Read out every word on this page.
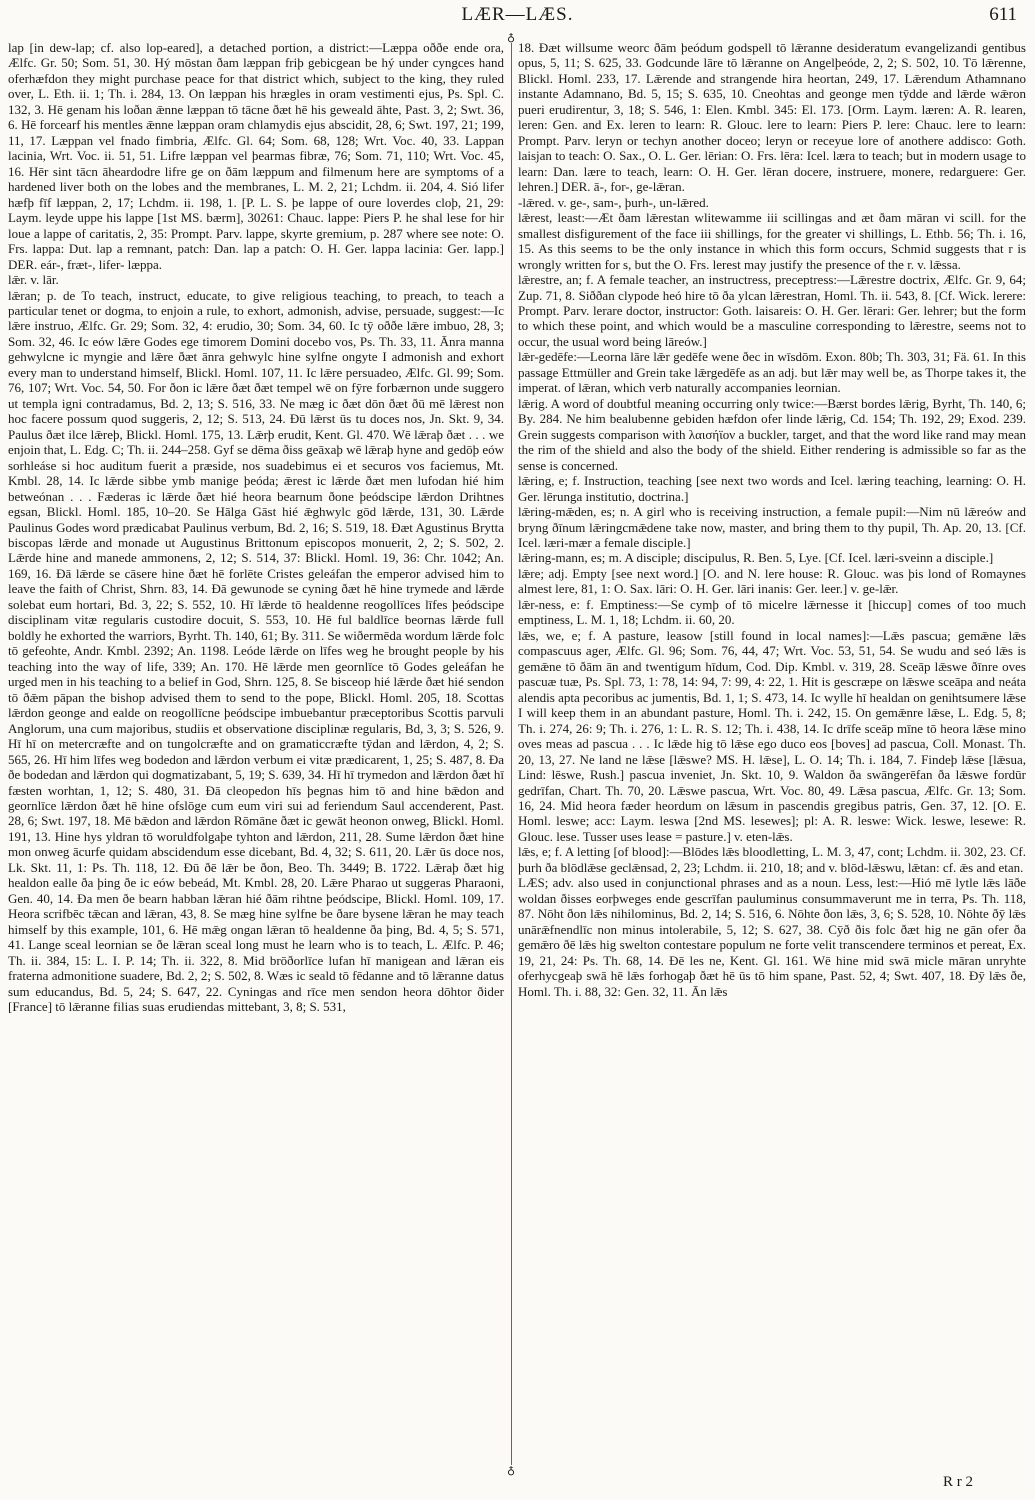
LÆR—LÆS.	611
♁
♁

lap [in dew-lap; cf. also lop-eared], a detached portion, a district:—Læppa oððe ende ora, Ælfc. Gr. 50; Som. 51, 30. Hý mōstan ðam læppan friþ gebicgean be hý under cyngces hand oferhæfdon they might purchase peace for that district which, subject to the king, they ruled over, L. Eth. ii. 1; Th. i. 284, 13. On læppan his hrægles in oram vestimenti ejus, Ps. Spl. C. 132, 3. Hē genam his loðan ǣnne læppan tō tācne ðæt hē his geweald āhte, Past. 3, 2; Swt. 36, 6. Hē forcearf his mentles ǣnne læppan oram chlamydis ejus abscidit, 28, 6; Swt. 197, 21; 199, 11, 17. Læppan vel fnado fimbria, Ælfc. Gl. 64; Som. 68, 128; Wrt. Voc. 40, 33. Lappan lacinia, Wrt. Voc. ii. 51, 51. Lifre læppan vel þearmas fibræ, 76; Som. 71, 110; Wrt. Voc. 45, 16. Hēr sint tācn āheardodre lifre ge on ðām læppum and filmenum here are symptoms of a hardened liver both on the lobes and the membranes, L. M. 2, 21; Lchdm. ii. 204, 4. Sió lifer hæfþ fīf læppan, 2, 17; Lchdm. ii. 198, 1. [P. L. S. þe lappe of oure loverdes cloþ, 21, 29: Laym. leyde uppe his lappe [1st MS. bærm], 30261: Chauc. lappe: Piers P. he shal lese for hir loue a lappe of caritatis, 2, 35: Prompt. Parv. lappe, skyrte gremium, p. 287 where see note: O. Frs. lappa: Dut. lap a remnant, patch: Dan. lap a patch: O. H. Ger. lappa lacinia: Ger. lapp.] DER. eár-, fræt-, lifer- læppa.

lǣr. v. lār.

lǣran; p. de To teach, instruct, educate, to give religious teaching, to preach, to teach a particular tenet or dogma, to enjoin a rule, to exhort, admonish, advise, persuade, suggest:—Ic lǣre instruo, Ælfc. Gr. 29; Som. 32, 4: erudio, 30; Som. 34, 60. Ic tȳ oððe lǣre imbuo, 28, 3; Som. 32, 46. Ic eów lǣre Godes ege timorem Domini docebo vos, Ps. Th. 33, 11. Ānra manna gehwylcne ic myngie and lǣre ðæt ānra gehwylc hine sylfne ongyte I admonish and exhort every man to understand himself, Blickl. Homl. 107, 11. Ic lǣre persuadeo, Ælfc. Gl. 99; Som. 76, 107; Wrt. Voc. 54, 50. For ðon ic lǣre ðæt ðæt tempel wē on fȳre forbærnon unde suggero ut templa igni contradamus, Bd. 2, 13; S. 516, 33. Ne mæg ic ðæt dōn ðæt ðū mē lǣrest non hoc facere possum quod suggeris, 2, 12; S. 513, 24. Ðū lǣrst ūs tu doces nos, Jn. Skt. 9, 34. Paulus ðæt ilce lǣreþ, Blickl. Homl. 175, 13. Lǣrþ erudit, Kent. Gl. 470. Wē lǣraþ ðæt . . . we enjoin that, L. Edg. C; Th. ii. 244–258. Gyf se dēma ðiss geāxaþ wē lǣraþ hyne and gedōþ eów sorhleáse si hoc auditum fuerit a præside, nos suadebimus ei et securos vos faciemus, Mt. Kmbl. 28, 14. Ic lǣrde sibbe ymb manige þeóda; ǣrest ic lǣrde ðæt men lufodan hié him betweónan . . . Fæderas ic lǣrde ðæt hié heora bearnum ðone þeódscipe lǣrdon Drihtnes egsan, Blickl. Homl. 185, 10–20. Se Hālga Gāst hié ǣghwylc gōd lǣrde, 131, 30. Lǣrde Paulinus Godes word prædicabat Paulinus verbum, Bd. 2, 16; S. 519, 18. Ðæt Agustinus Brytta biscopas lǣrde and monade ut Augustinus Brittonum episcopos monuerit, 2, 2; S. 502, 2. Lǣrde hine and manede ammonens, 2, 12; S. 514, 37: Blickl. Homl. 19, 36: Chr. 1042; An. 169, 16. Ðā lǣrde se cāsere hine ðæt hē forlēte Cristes geleáfan the emperor advised him to leave the faith of Christ, Shrn. 83, 14. Ðā gewunode se cyning ðæt hē hine trymede and lǣrde solebat eum hortari, Bd. 3, 22; S. 552, 10. Hī lǣrde tō healdenne reogollīces līfes þeódscipe disciplinam vitæ regularis custodire docuit, S. 553, 10. Hē ful baldlīce beornas lǣrde full boldly he exhorted the warriors, Byrht. Th. 140, 61; By. 311. Se wiðermēda wordum lǣrde folc tō gefeohte, Andr. Kmbl. 2392; An. 1198. Leóde lǣrde on līfes weg he brought people by his teaching into the way of life, 339; An. 170. Hē lǣrde men geornlīce tō Godes geleáfan he urged men in his teaching to a belief in God, Shrn. 125, 8. Se bisceop hié lǣrde ðæt hié sendon tō ðǣm pāpan the bishop advised them to send to the pope, Blickl. Homl. 205, 18. Scottas lǣrdon geonge and ealde on reogollīcne þeódscipe imbuebantur præceptoribus Scottis parvuli Anglorum, una cum majoribus, studiis et observatione disciplinæ regularis, Bd, 3, 3; S. 526, 9. Hī hī on metercræfte and on tungolcræfte and on gramaticcræfte tȳdan and lǣrdon, 4, 2; S. 565, 26. Hī him līfes weg bodedon and lǣrdon verbum ei vitæ prædicarent, 1, 25; S. 487, 8. Ða ðe bodedan and lǣrdon qui dogmatizabant, 5, 19; S. 639, 34. Hī hī trymedon and lǣrdon ðæt hī fæsten worhtan, 1, 12; S. 480, 31. Ðā cleopedon hīs þegnas him tō and hine bǣdon and geornlīce lǣrdon ðæt hē hine ofslōge cum eum viri sui ad feriendum Saul accenderent, Past. 28, 6; Swt. 197, 18. Mē bǣdon and lǣrdon Rōmāne ðæt ic gewāt heonon onweg, Blickl. Homl. 191, 13. Hine hys yldran tō woruldfolgaþe tyhton and lǣrdon, 211, 28. Sume lǣrdon ðæt hine mon onweg ācurfe quidam abscidendum esse dicebant, Bd. 4, 32; S. 611, 20. Lǣr ūs doce nos, Lk. Skt. 11, 1: Ps. Th. 118, 12. Ðū ðē lǣr be ðon, Beo. Th. 3449; B. 1722. Lǣraþ ðæt hig healdon ealle ða þing ðe ic eów bebeád, Mt. Kmbl. 28, 20. Lǣre Pharao ut suggeras Pharaoni, Gen. 40, 14. Ða men ðe bearn habban lǣran hié ðām rihtne þeódscipe, Blickl. Homl. 109, 17. Heora scrifbēc tǣcan and lǣran, 43, 8. Se mæg hine sylfne be ðare bysene lǣran he may teach himself by this example, 101, 6. Hē mǣg ongan lǣran tō healdenne ða þing, Bd. 4, 5; S. 571, 41. Lange sceal leornian se ðe lǣran sceal long must he learn who is to teach, L. Ælfc. P. 46; Th. ii. 384, 15: L. I. P. 14; Th. ii. 322, 8. Mid brōðorlīce lufan hī manigean and lǣran eis fraterna admonitione suadere, Bd. 2, 2; S. 502, 8. Wæs ic seald tō fēdanne and tō lǣranne datus sum educandus, Bd. 5, 24; S. 647, 22. Cyningas and rīce men sendon heora dōhtor ðider [France] tō lǣranne filias suas erudiendas mittebant, 3, 8; S. 531,

18. Ðæt willsume weorc ðām þeódum godspell tō lǣranne desideratum evangelizandi gentibus opus, 5, 11; S. 625, 33. Godcunde lāre tō lǣranne on Angelþeóde, 2, 2; S. 502, 10. Tō lǣrenne, Blickl. Homl. 233, 17. Lǣrende and strangende hira heortan, 249, 17. Lǣrendum Athamnano instante Adamnano, Bd. 5, 15; S. 635, 10. Cneohtas and geonge men tȳdde and lǣrde wǣron pueri erudirentur, 3, 18; S. 546, 1: Elen. Kmbl. 345: El. 173. [Orm. Laym. læren: A. R. learen, leren: Gen. and Ex. leren to learn: R. Glouc. lere to learn: Piers P. lere: Chauc. lere to learn: Prompt. Parv. leryn or techyn another doceo; leryn or receyue lore of anothere addisco: Goth. laisjan to teach: O. Sax., O. L. Ger. lērian: O. Frs. lēra: Icel. læra to teach; but in modern usage to learn: Dan. lære to teach, learn: O. H. Ger. lēran docere, instruere, monere, redarguere: Ger. lehren.] DER. ā-, for-, ge-lǣran.

-lǣred. v. ge-, sam-, þurh-, un-lǣred.

lǣrest, least:—Æt ðam lǣrestan wlitewamme iii scillingas and æt ðam māran vi scill. for the smallest disfigurement of the face iii shillings, for the greater vi shillings, L. Ethb. 56; Th. i. 16, 15. As this seems to be the only instance in which this form occurs, Schmid suggests that r is wrongly written for s, but the O. Frs. lerest may justify the presence of the r. v. lǣssa.

lǣrestre, an; f. A female teacher, an instructress, preceptress:—Lǣrestre doctrix, Ælfc. Gr. 9, 64; Zup. 71, 8. Siððan clypode heó hire tō ða ylcan lǣrestran, Homl. Th. ii. 543, 8. [Cf. Wick. lerere: Prompt. Parv. lerare doctor, instructor: Goth. laisareis: O. H. Ger. lērari: Ger. lehrer; but the form to which these point, and which would be a masculine corresponding to lǣrestre, seems not to occur, the usual word being lāreów.]

lǣr-gedēfe:—Leorna lāre lǣr gedēfe wene ðec in wīsdōm. Exon. 80b; Th. 303, 31; Fä. 61. In this passage Ettmüller and Grein take lǣrgedēfe as an adj. but lǣr may well be, as Thorpe takes it, the imperat. of lǣran, which verb naturally accompanies leornian.

lǣrig. A word of doubtful meaning occurring only twice:—Bærst bordes lǣrig, Byrht, Th. 140, 6; By. 284. Ne him bealubenne gebiden hæfdon ofer linde lǣrig, Cd. 154; Th. 192, 29; Exod. 239. Grein suggests comparison with λαισήϊον a buckler, target, and that the word like rand may mean the rim of the shield and also the body of the shield. Either rendering is admissible so far as the sense is concerned.

lǣring, e; f. Instruction, teaching [see next two words and Icel. læring teaching, learning: O. H. Ger. lērunga institutio, doctrina.]

lǣring-mǣden, es; n. A girl who is receiving instruction, a female pupil:—Nim nū lǣreów and bryng ðīnum lǣringcmǣdene take now, master, and bring them to thy pupil, Th. Ap. 20, 13. [Cf. Icel. læri-mær a female disciple.]

lǣring-mann, es; m. A disciple; discipulus, R. Ben. 5, Lye. [Cf. Icel. læri-sveinn a disciple.]

lǣre; adj. Empty [see next word.] [O. and N. lere house: R. Glouc. was þis lond of Romaynes almest lere, 81, 1: O. Sax. lāri: O. H. Ger. lāri inanis: Ger. leer.] v. ge-lǣr.

lǣr-ness, e: f. Emptiness:—Se cymþ of tō micelre lǣrnesse it [hiccup] comes of too much emptiness, L. M. 1, 18; Lchdm. ii. 60, 20.

lǣs, we, e; f. A pasture, leasow [still found in local names]:—Lǣs pascua; gemǣne lǣs compascuus ager, Ælfc. Gl. 96; Som. 76, 44, 47; Wrt. Voc. 53, 51, 54. Se wudu and seó lǣs is gemǣne tō ðām ān and twentigum hīdum, Cod. Dip. Kmbl. v. 319, 28. Sceāp lǣswe ðīnre oves pascuæ tuæ, Ps. Spl. 73, 1: 78, 14: 94, 7: 99, 4: 22, 1. Hit is gescræpe on lǣswe sceāpa and neáta alendis apta pecoribus ac jumentis, Bd. 1, 1; S. 473, 14. Ic wylle hī healdan on genihtsumere lǣse I will keep them in an abundant pasture, Homl. Th. i. 242, 15. On gemǣnre lǣse, L. Edg. 5, 8; Th. i. 274, 26: 9; Th. i. 276, 1: L. R. S. 12; Th. i. 438, 14. Ic drīfe sceāp mīne tō heora lǣse mino oves meas ad pascua . . . Ic lǣde hig tō lǣse ego duco eos [boves] ad pascua, Coll. Monast. Th. 20, 13, 27. Ne land ne lǣse [lǣswe? MS. H. lǣse], L. O. 14; Th. i. 184, 7. Findeþ lǣse [lǣsua, Lind: lēswe, Rush.] pascua inveniet, Jn. Skt. 10, 9. Waldon ða swāngerēfan ða lǣswe fordūr gedrīfan, Chart. Th. 70, 20. Lǣswe pascua, Wrt. Voc. 80, 49. Lǣsa pascua, Ælfc. Gr. 13; Som. 16, 24. Mid heora fæder heordum on lǣsum in pascendis gregibus patris, Gen. 37, 12. [O. E. Homl. leswe; acc: Laym. leswa [2nd MS. lesewes]; pl: A. R. leswe: Wick. leswe, lesewe: R. Glouc. lese. Tusser uses lease = pasture.] v. eten-lǣs.

lǣs, e; f. A letting [of blood]:—Blōdes lǣs bloodletting, L. M. 3, 47, cont; Lchdm. ii. 302, 23. Cf. þurh ða blōdlǣse geclǣnsad, 2, 23; Lchdm. ii. 210, 18; and v. blōd-lǣswu, lǣtan: cf. ǣs and etan.

LÆS; adv. also used in conjunctional phrases and as a noun. Less, lest:—Hió mē lytle lǣs lāðe woldan ðisses eorþweges ende gescrīfan pauluminus consummaverunt me in terra, Ps. Th. 118, 87. Nōht ðon lǣs nihilominus, Bd. 2, 14; S. 516, 6. Nōhte ðon lǣs, 3, 6; S. 528, 10. Nōhte ðȳ lǣs unārǣfnendlīc non minus intolerabile, 5, 12; S. 627, 38. Cȳð ðis folc ðæt hig ne gān ofer ða gemǣro ðē lǣs hig swelton contestare populum ne forte velit transcendere terminos et pereat, Ex. 19, 21, 24: Ps. Th. 68, 14. Ðē les ne, Kent. Gl. 161. Wē hine mid swā micle māran unryhte oferhycgeaþ swā hē lǣs forhogaþ ðæt hē ūs tō him spane, Past. 52, 4; Swt. 407, 18. Ðȳ lǣs ðe, Homl. Th. i. 88, 32: Gen. 32, 11. Ān lǣs

R r 2
